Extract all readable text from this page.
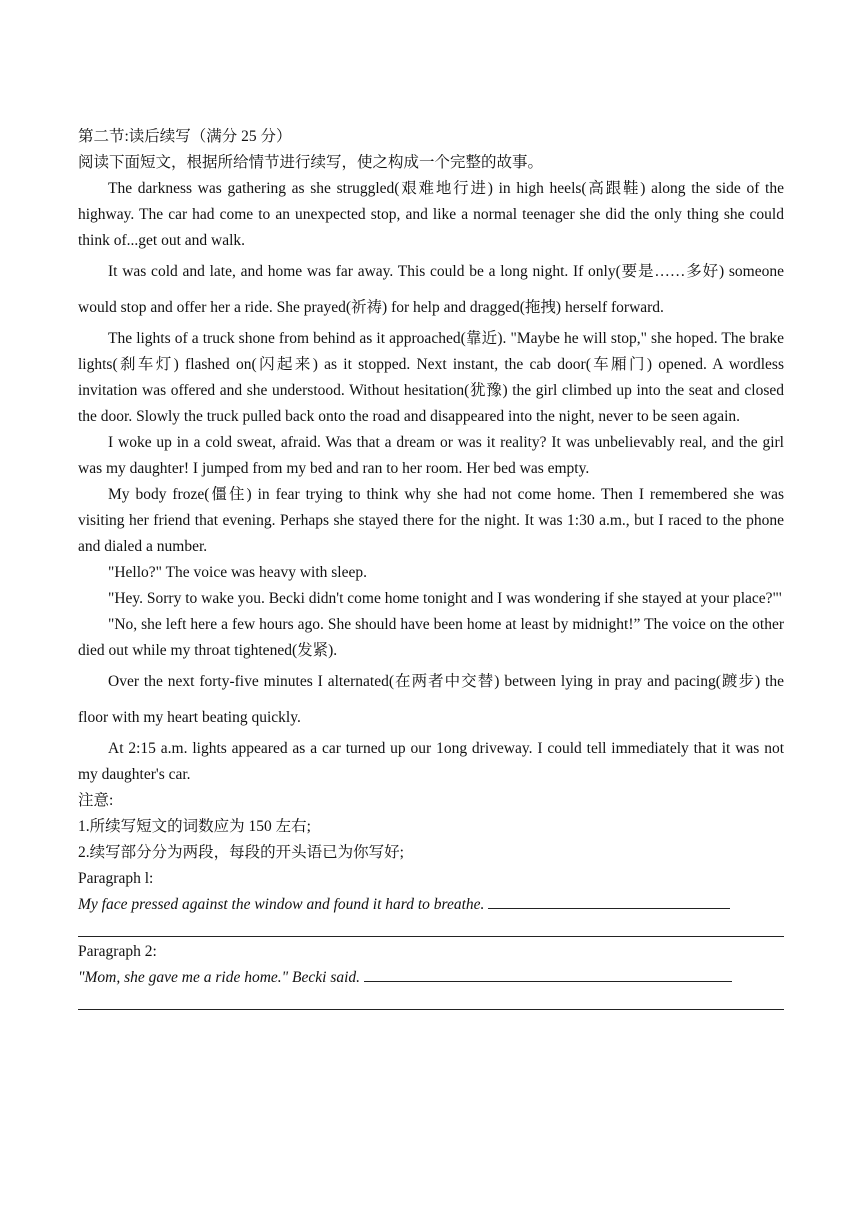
第二节:读后续写（满分 25 分）

阅读下面短文，根据所给情节进行续写，使之构成一个完整的故事。

The darkness was gathering as she struggled(艰难地行进) in high heels(高跟鞋) along the side of the highway. The car had come to an unexpected stop, and like a normal teenager she did the only thing she could think of...get out and walk.

It was cold and late, and home was far away. This could be a long night. If only(要是……多好) someone would stop and offer her a ride. She prayed(祈祷) for help and dragged(拖拽) herself forward.

The lights of a truck shone from behind as it approached(靠近). "Maybe he will stop," she hoped. The brake lights(刹车灯) flashed on(闪起来) as it stopped. Next instant, the cab door(车厢门) opened. A wordless invitation was offered and she understood. Without hesitation(犹豫) the girl climbed up into the seat and closed the door. Slowly the truck pulled back onto the road and disappeared into the night, never to be seen again.

I woke up in a cold sweat, afraid. Was that a dream or was it reality? It was unbelievably real, and the girl was my daughter! I jumped from my bed and ran to her room. Her bed was empty.

My body froze(僵住) in fear trying to think why she had not come home. Then I remembered she was visiting her friend that evening. Perhaps she stayed there for the night. It was 1:30 a.m., but I raced to the phone and dialed a number.

"Hello?" The voice was heavy with sleep.

"Hey. Sorry to wake you. Becki didn't come home tonight and I was wondering if she stayed at your place?"'

"No, she left here a few hours ago. She should have been home at least by midnight!” The voice on the other died out while my throat tightened(发紧).

Over the next forty-five minutes I alternated(在两者中交替) between lying in pray and pacing(踱步) the floor with my heart beating quickly.

At 2:15 a.m. lights appeared as a car turned up our 1ong driveway. I could tell immediately that it was not my daughter's car.

注意:

1.所续写短文的词数应为 150 左右;

2.续写部分分为两段，每段的开头语已为你写好;

Paragraph l:

My face pressed against the window and found it hard to breathe.

Paragraph 2:

"Mom, she gave me a ride home." Becki said.
